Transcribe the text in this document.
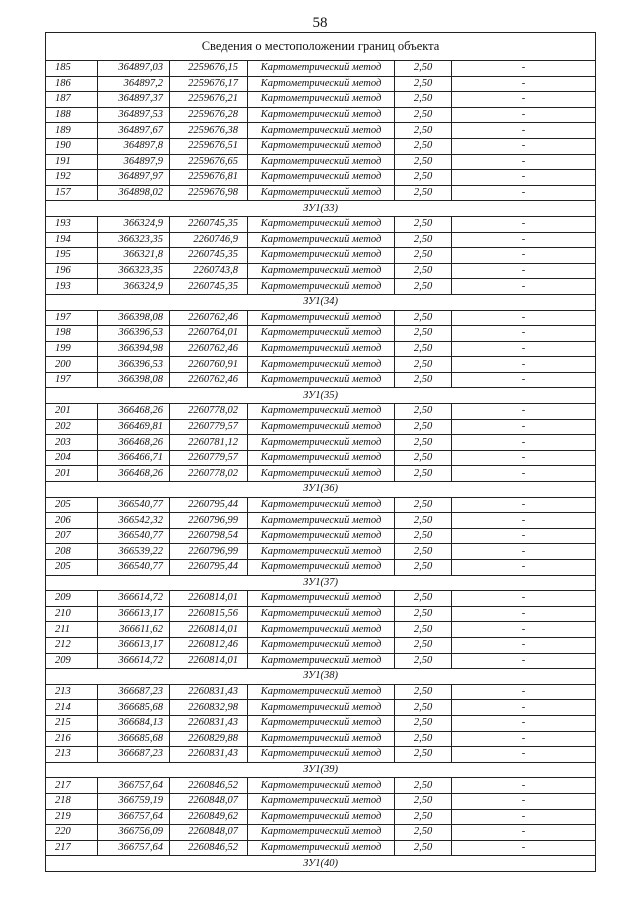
58
Сведения о местоположении границ объекта					
185	364897,03	2259676,15	Картометрический метод	2,50	-
186	364897,2	2259676,17	Картометрический метод	2,50	-
187	364897,37	2259676,21	Картометрический метод	2,50	-
188	364897,53	2259676,28	Картометрический метод	2,50	-
189	364897,67	2259676,38	Картометрический метод	2,50	-
190	364897,8	2259676,51	Картометрический метод	2,50	-
191	364897,9	2259676,65	Картометрический метод	2,50	-
192	364897,97	2259676,81	Картометрический метод	2,50	-
157	364898,02	2259676,98	Картометрический метод	2,50	-
ЗУ1(33)					
193	366324,9	2260745,35	Картометрический метод	2,50	-
194	366323,35	2260746,9	Картометрический метод	2,50	-
195	366321,8	2260745,35	Картометрический метод	2,50	-
196	366323,35	2260743,8	Картометрический метод	2,50	-
193	366324,9	2260745,35	Картометрический метод	2,50	-
ЗУ1(34)					
197	366398,08	2260762,46	Картометрический метод	2,50	-
198	366396,53	2260764,01	Картометрический метод	2,50	-
199	366394,98	2260762,46	Картометрический метод	2,50	-
200	366396,53	2260760,91	Картометрический метод	2,50	-
197	366398,08	2260762,46	Картометрический метод	2,50	-
ЗУ1(35)					
201	366468,26	2260778,02	Картометрический метод	2,50	-
202	366469,81	2260779,57	Картометрический метод	2,50	-
203	366468,26	2260781,12	Картометрический метод	2,50	-
204	366466,71	2260779,57	Картометрический метод	2,50	-
201	366468,26	2260778,02	Картометрический метод	2,50	-
ЗУ1(36)					
205	366540,77	2260795,44	Картометрический метод	2,50	-
206	366542,32	2260796,99	Картометрический метод	2,50	-
207	366540,77	2260798,54	Картометрический метод	2,50	-
208	366539,22	2260796,99	Картометрический метод	2,50	-
205	366540,77	2260795,44	Картометрический метод	2,50	-
ЗУ1(37)					
209	366614,72	2260814,01	Картометрический метод	2,50	-
210	366613,17	2260815,56	Картометрический метод	2,50	-
211	366611,62	2260814,01	Картометрический метод	2,50	-
212	366613,17	2260812,46	Картометрический метод	2,50	-
209	366614,72	2260814,01	Картометрический метод	2,50	-
ЗУ1(38)					
213	366687,23	2260831,43	Картометрический метод	2,50	-
214	366685,68	2260832,98	Картометрический метод	2,50	-
215	366684,13	2260831,43	Картометрический метод	2,50	-
216	366685,68	2260829,88	Картометрический метод	2,50	-
213	366687,23	2260831,43	Картометрический метод	2,50	-
ЗУ1(39)					
217	366757,64	2260846,52	Картометрический метод	2,50	-
218	366759,19	2260848,07	Картометрический метод	2,50	-
219	366757,64	2260849,62	Картометрический метод	2,50	-
220	366756,09	2260848,07	Картометрический метод	2,50	-
217	366757,64	2260846,52	Картометрический метод	2,50	-
ЗУ1(40)					
